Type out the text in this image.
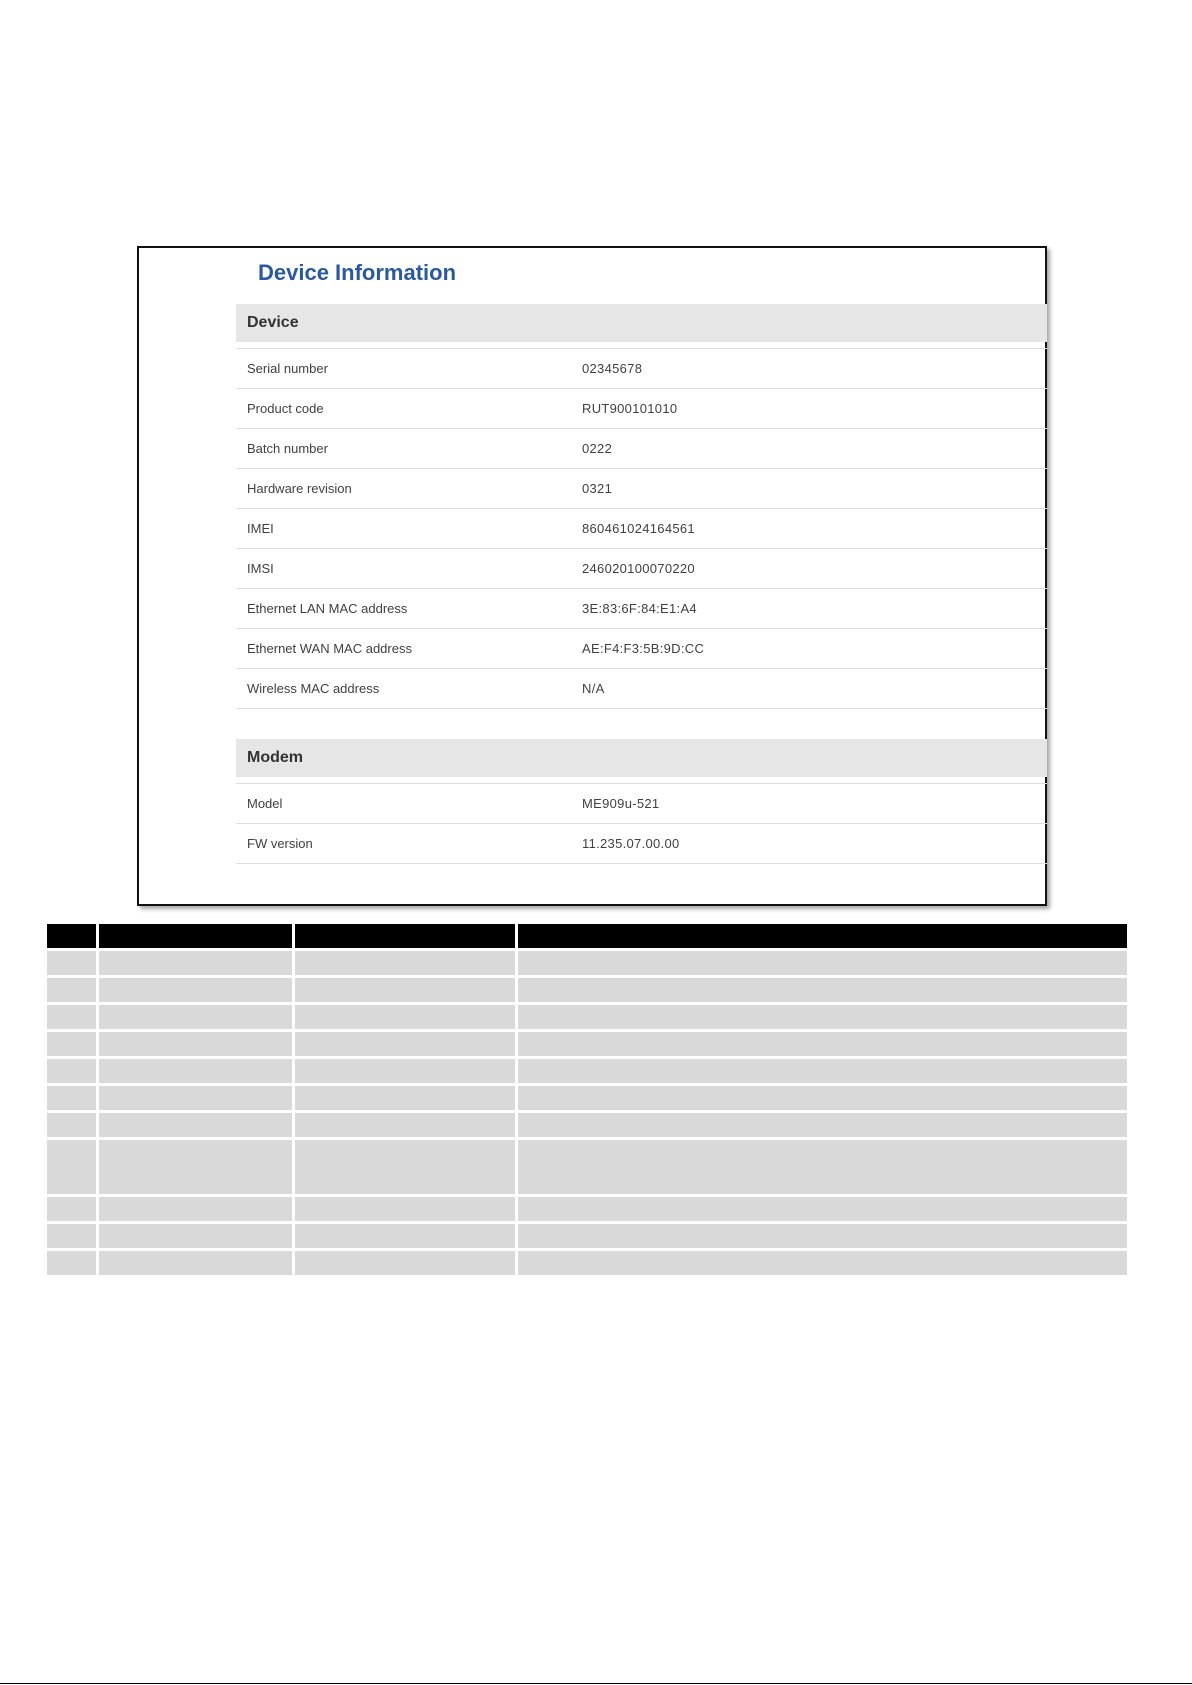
Device Information
Device
Serial number	02345678
Product code	RUT900101010
Batch number	0222
Hardware revision	0321
IMEI	860461024164561
IMSI	246020100070220
Ethernet LAN MAC address	3E:83:6F:84:E1:A4
Ethernet WAN MAC address	AE:F4:F3:5B:9D:CC
Wireless MAC address	N/A
Modem
Model	ME909u-521
FW version	11.235.07.00.00
